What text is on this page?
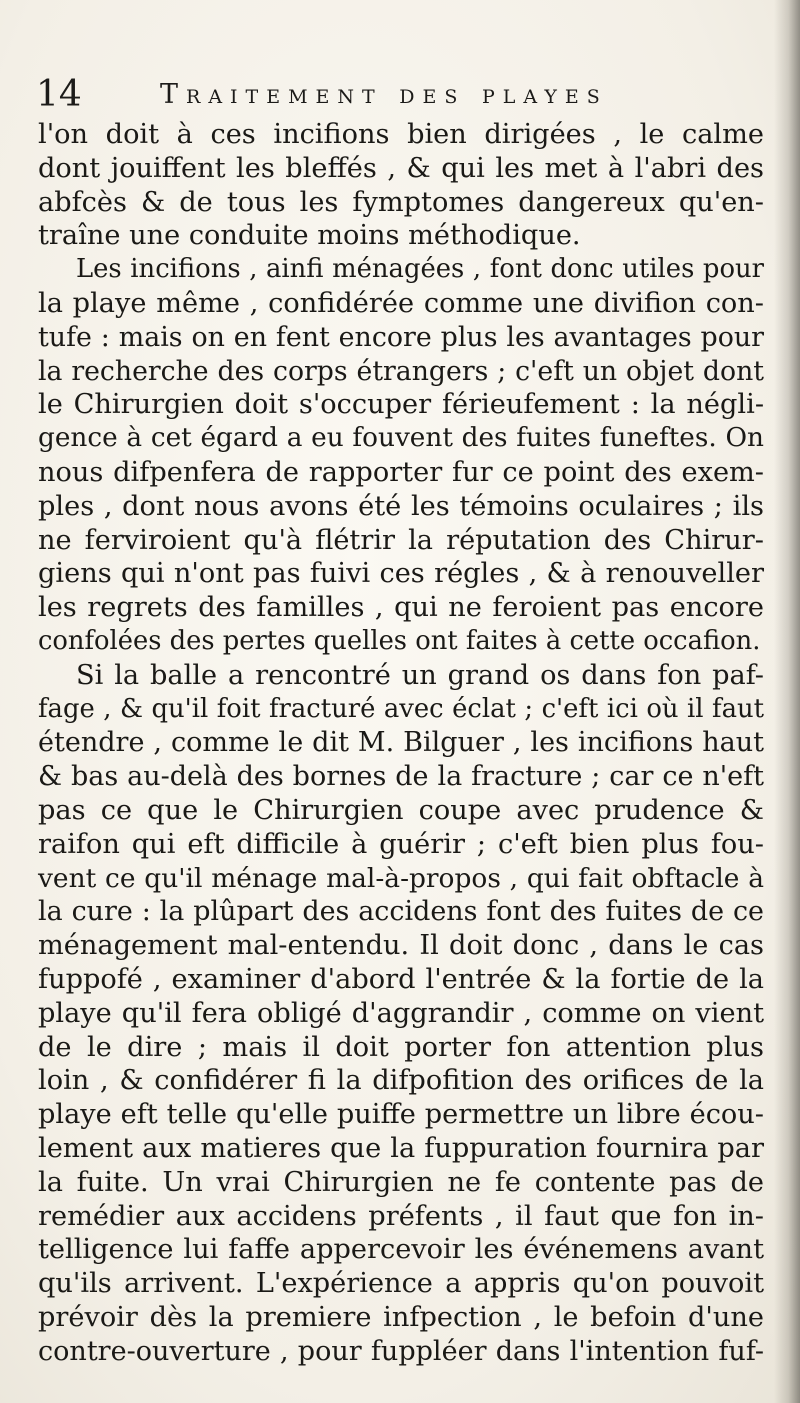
14	Traitement des playes
l'on doit à ces incifions bien dirigées , le calme
dont jouiffent les bleffés , & qui les met à l'abri des
abfcès & de tous les fymptomes dangereux qu'en-
traîne une conduite moins méthodique.
Les incifions , ainfi ménagées , font donc utiles pour
la playe même , confidérée comme une divifion con-
tufe : mais on en fent encore plus les avantages pour
la recherche des corps étrangers ; c'eft un objet dont
le Chirurgien doit s'occuper férieufement : la négli-
gence à cet égard a eu fouvent des fuites funeftes. On
nous difpenfera de rapporter fur ce point des exem-
ples , dont nous avons été les témoins oculaires ; ils
ne ferviroient qu'à flétrir la réputation des Chirur-
giens qui n'ont pas fuivi ces régles , & à renouveller
les regrets des familles , qui ne feroient pas encore
confolées des pertes quelles ont faites à cette occafion.
Si la balle a rencontré un grand os dans fon paf-
fage , & qu'il foit fracturé avec éclat ; c'eft ici où il faut
étendre , comme le dit M. Bilguer , les incifions haut
& bas au-delà des bornes de la fracture ; car ce n'eft
pas ce que le Chirurgien coupe avec prudence &
raifon qui eft difficile à guérir ; c'eft bien plus fou-
vent ce qu'il ménage mal-à-propos , qui fait obftacle à
la cure : la plûpart des accidens font des fuites de ce
ménagement mal-entendu. Il doit donc , dans le cas
fuppofé , examiner d'abord l'entrée & la fortie de la
playe qu'il fera obligé d'aggrandir , comme on vient
de le dire ; mais il doit porter fon attention plus
loin , & confidérer fi la difpofition des orifices de la
playe eft telle qu'elle puiffe permettre un libre écou-
lement aux matieres que la fuppuration fournira par
la fuite. Un vrai Chirurgien ne fe contente pas de
remédier aux accidens préfents , il faut que fon in-
telligence lui faffe appercevoir les événemens avant
qu'ils arrivent. L'expérience a appris qu'on pouvoit
prévoir dès la premiere infpection , le befoin d'une
contre-ouverture , pour fuppléer dans l'intention fuf-
